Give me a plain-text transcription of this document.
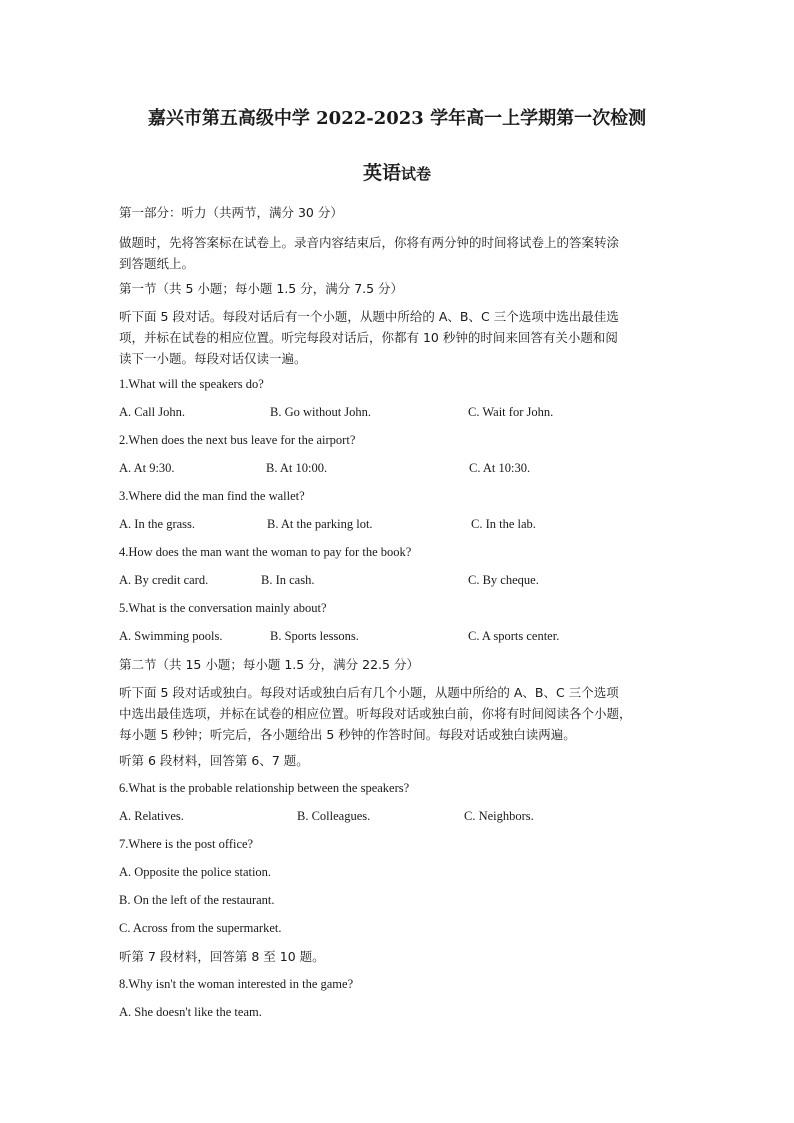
嘉兴市第五高级中学 2022-2023 学年高一上学期第一次检测
英语试卷
第一部分：听力（共两节，满分 30 分）
做题时，先将答案标在试卷上。录音内容结束后，你将有两分钟的时间将试卷上的答案转涂
到答题纸上。
第一节（共 5 小题；每小题 1.5 分，满分 7.5 分）
听下面 5 段对话。每段对话后有一个小题，从题中所给的 A、B、C 三个选项中选出最佳选
项，并标在试卷的相应位置。听完每段对话后，你都有 10 秒钟的时间来回答有关小题和阅
读下一小题。每段对话仅读一遍。
1.What will the speakers do?
A. Call John.	B. Go without John.	C. Wait for John.
2.When does the next bus leave for the airport?
A. At 9:30.	B. At 10:00.	C. At 10:30.
3.Where did the man find the wallet?
A. In the grass.	B. At the parking lot.	C. In the lab.
4.How does the man want the woman to pay for the book?
A. By credit card.	B. In cash.	C. By cheque.
5.What is the conversation mainly about?
A. Swimming pools.	B. Sports lessons.	C. A sports center.
第二节（共 15 小题；每小题 1.5 分，满分 22.5 分）
听下面 5 段对话或独白。每段对话或独白后有几个小题，从题中所给的 A、B、C 三个选项
中选出最佳选项，并标在试卷的相应位置。听每段对话或独白前，你将有时间阅读各个小题，
每小题 5 秒钟；听完后，各小题给出 5 秒钟的作答时间。每段对话或独白读两遍。
听第 6 段材料，回答第 6、7 题。
6.What is the probable relationship between the speakers?
A. Relatives.	B. Colleagues.	C. Neighbors.
7.Where is the post office?
A. Opposite the police station.
B. On the left of the restaurant.
C. Across from the supermarket.
听第 7 段材料，回答第 8 至 10 题。
8.Why isn't the woman interested in the game?
A. She doesn't like the team.
